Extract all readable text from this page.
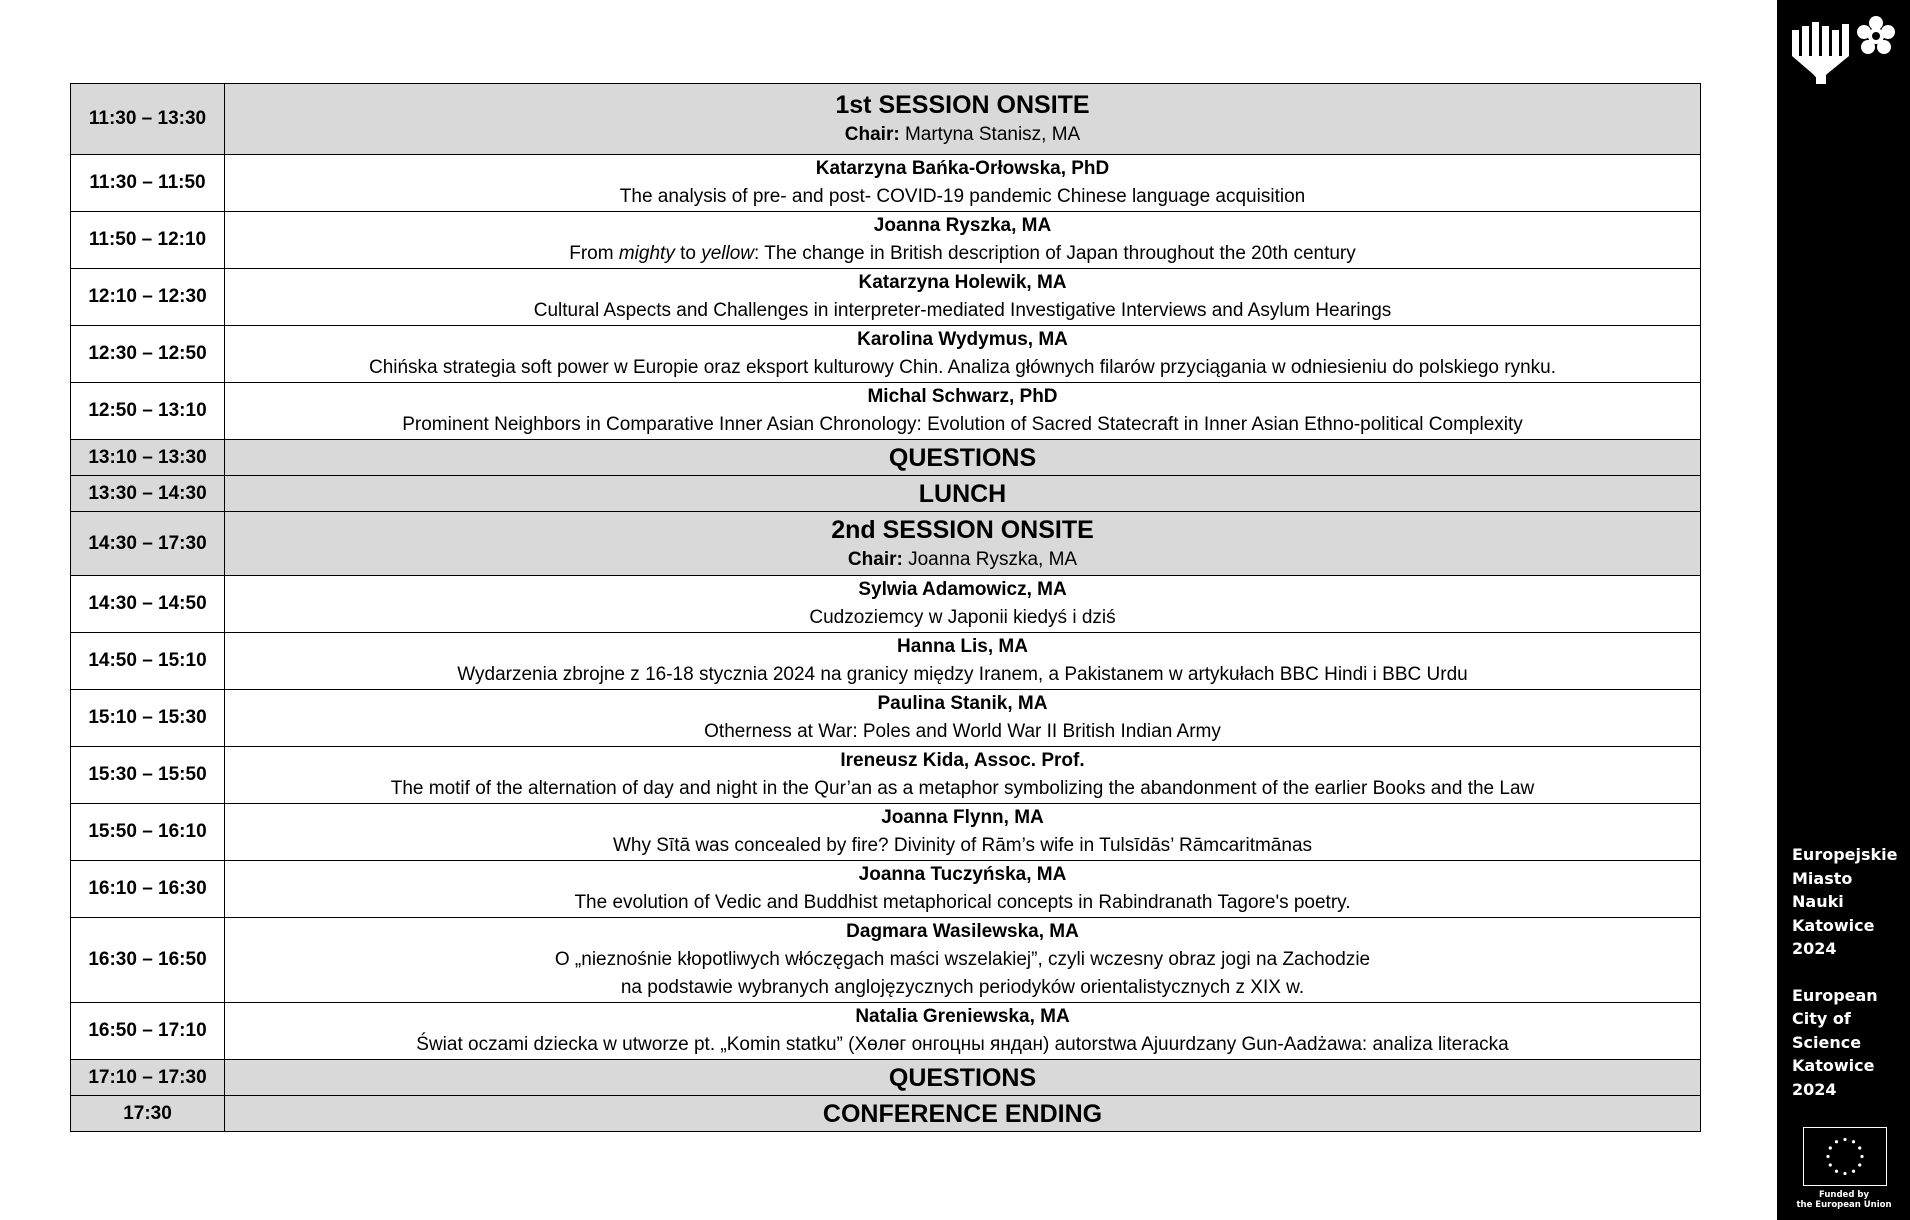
11:30 – 13:30	1st SESSION ONSITE
Chair: Martyna Stanisz, MA

11:30 – 11:50	Katarzyna Bańka-Orłowska, PhD
The analysis of pre- and post- COVID-19 pandemic Chinese language acquisition

11:50 – 12:10	Joanna Ryszka, MA
From mighty to yellow: The change in British description of Japan throughout the 20th century

12:10 – 12:30	Katarzyna Holewik, MA
Cultural Aspects and Challenges in interpreter-mediated Investigative Interviews and Asylum Hearings

12:30 – 12:50	Karolina Wydymus, MA
Chińska strategia soft power w Europie oraz eksport kulturowy Chin. Analiza głównych filarów przyciągania w odniesieniu do polskiego rynku.

12:50 – 13:10	Michal Schwarz, PhD
Prominent Neighbors in Comparative Inner Asian Chronology: Evolution of Sacred Statecraft in Inner Asian Ethno-political Complexity

13:10 – 13:30	QUESTIONS

13:30 – 14:30	LUNCH

14:30 – 17:30	2nd SESSION ONSITE
Chair: Joanna Ryszka, MA

14:30 – 14:50	Sylwia Adamowicz, MA
Cudzoziemcy w Japonii kiedyś i dziś

14:50 – 15:10	Hanna Lis, MA
Wydarzenia zbrojne z 16-18 stycznia 2024 na granicy między Iranem, a Pakistanem w artykułach BBC Hindi i BBC Urdu

15:10 – 15:30	Paulina Stanik, MA
Otherness at War: Poles and World War II British Indian Army

15:30 – 15:50	Ireneusz Kida, Assoc. Prof.
The motif of the alternation of day and night in the Qur’an as a metaphor symbolizing the abandonment of the earlier Books and the Law

15:50 – 16:10	Joanna Flynn, MA
Why Sītā was concealed by fire? Divinity of Rām’s wife in Tulsīdās’ Rāmcaritmānas

16:10 – 16:30	Joanna Tuczyńska, MA
The evolution of Vedic and Buddhist metaphorical concepts in Rabindranath Tagore's poetry.

16:30 – 16:50	Dagmara Wasilewska, MA
O „nieznośnie kłopotliwych włóczęgach maści wszelakiej”, czyli wczesny obraz jogi na Zachodzie
na podstawie wybranych anglojęzycznych periodyków orientalistycznych z XIX w.

16:50 – 17:10	Natalia Greniewska, MA
Świat oczami dziecka w utworze pt. „Komin statku” (Хөлөг онгоцны яндан) autorstwa Ajuurdzany Gun-Aadżawa: analiza literacka

17:10 – 17:30	QUESTIONS

17:30	CONFERENCE ENDING
Europejskie
Miasto
Nauki
Katowice
2024
European
City of
Science
Katowice
2024
Funded by
the European Union
